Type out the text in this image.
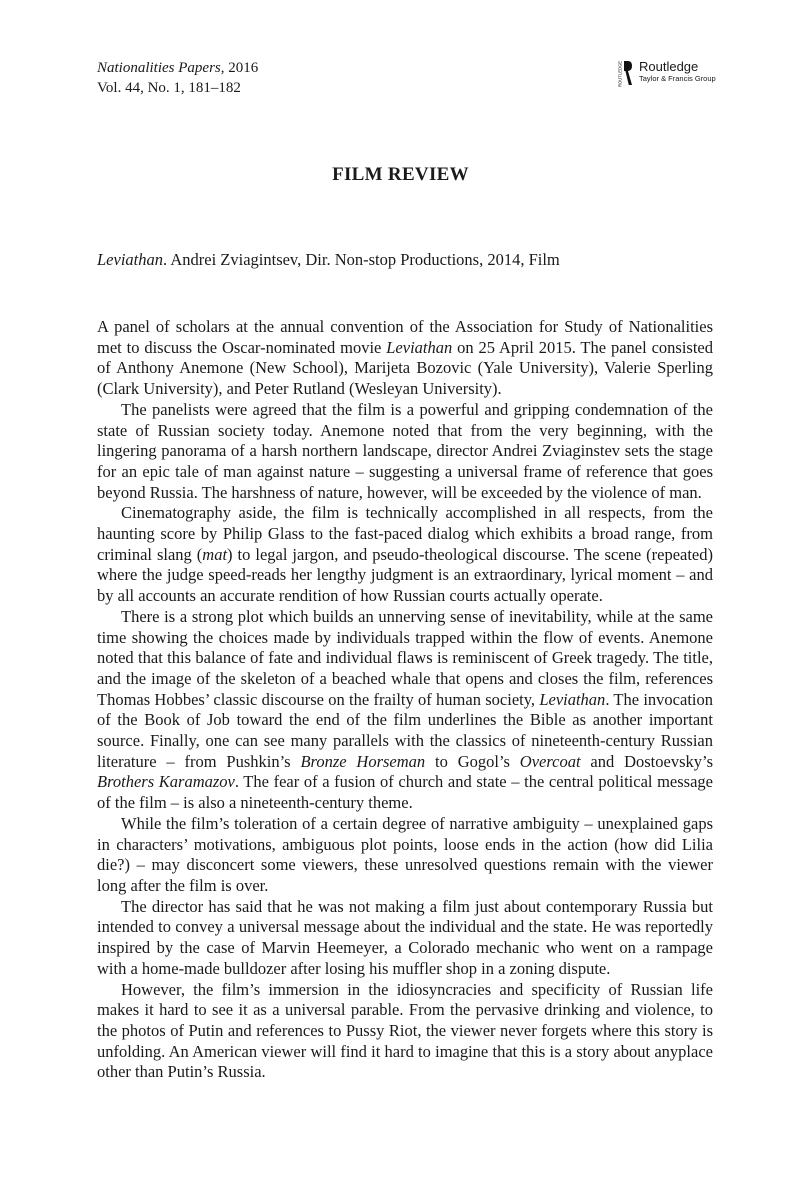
Nationalities Papers, 2016
Vol. 44, No. 1, 181–182
ROUTLEDGE Routledge
Taylor & Francis Group
FILM REVIEW
Leviathan. Andrei Zviagintsev, Dir. Non-stop Productions, 2014, Film

A panel of scholars at the annual convention of the Association for Study of Nationalities met to discuss the Oscar-nominated movie Leviathan on 25 April 2015. The panel consisted of Anthony Anemone (New School), Marijeta Bozovic (Yale University), Valerie Sperling (Clark University), and Peter Rutland (Wesleyan University).

The panelists were agreed that the film is a powerful and gripping condemnation of the state of Russian society today. Anemone noted that from the very beginning, with the lingering panorama of a harsh northern landscape, director Andrei Zviaginstev sets the stage for an epic tale of man against nature – suggesting a universal frame of reference that goes beyond Russia. The harshness of nature, however, will be exceeded by the violence of man.

Cinematography aside, the film is technically accomplished in all respects, from the haunting score by Philip Glass to the fast-paced dialog which exhibits a broad range, from criminal slang (mat) to legal jargon, and pseudo-theological discourse. The scene (repeated) where the judge speed-reads her lengthy judgment is an extraordinary, lyrical moment – and by all accounts an accurate rendition of how Russian courts actually operate.

There is a strong plot which builds an unnerving sense of inevitability, while at the same time showing the choices made by individuals trapped within the flow of events. Anemone noted that this balance of fate and individual flaws is reminiscent of Greek tragedy. The title, and the image of the skeleton of a beached whale that opens and closes the film, references Thomas Hobbes’ classic discourse on the frailty of human society, Leviathan. The invocation of the Book of Job toward the end of the film underlines the Bible as another important source. Finally, one can see many parallels with the classics of nineteenth-century Russian literature – from Pushkin’s Bronze Horseman to Gogol’s Overcoat and Dostoevsky’s Brothers Karamazov. The fear of a fusion of church and state – the central political message of the film – is also a nineteenth-century theme.

While the film’s toleration of a certain degree of narrative ambiguity – unexplained gaps in characters’ motivations, ambiguous plot points, loose ends in the action (how did Lilia die?) – may disconcert some viewers, these unresolved questions remain with the viewer long after the film is over.

The director has said that he was not making a film just about contemporary Russia but intended to convey a universal message about the individual and the state. He was reportedly inspired by the case of Marvin Heemeyer, a Colorado mechanic who went on a rampage with a home-made bulldozer after losing his muffler shop in a zoning dispute.

However, the film’s immersion in the idiosyncracies and specificity of Russian life makes it hard to see it as a universal parable. From the pervasive drinking and violence, to the photos of Putin and references to Pussy Riot, the viewer never forgets where this story is unfolding. An American viewer will find it hard to imagine that this is a story about anyplace other than Putin’s Russia.
